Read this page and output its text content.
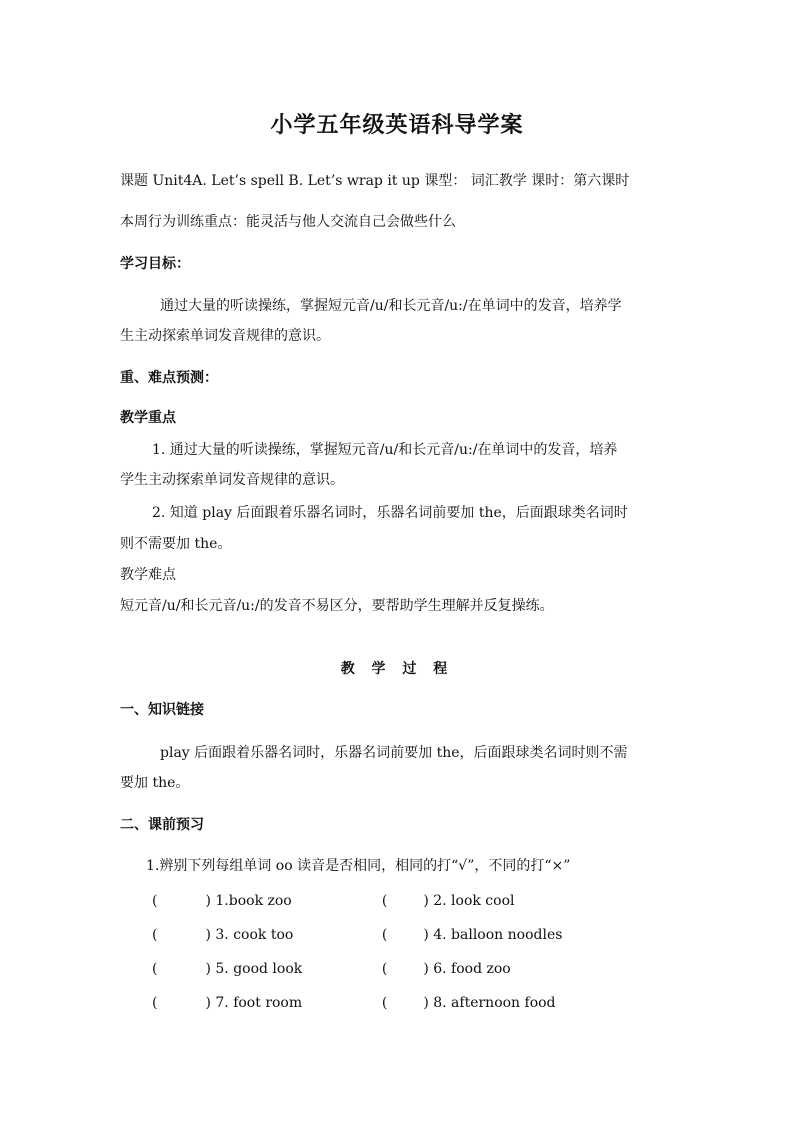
小学五年级英语科导学案
课题 Unit4A. Let’s spell B. Let’s wrap it up 课型： 词汇教学 课时：第六课时
本周行为训练重点：能灵活与他人交流自己会做些什么
学习目标：
通过大量的听读操练，掌握短元音/u/和长元音/u:/在单词中的发音，培养学
生主动探索单词发音规律的意识。
重、难点预测：
教学重点
1. 通过大量的听读操练，掌握短元音/u/和长元音/u:/在单词中的发音，培养
学生主动探索单词发音规律的意识。
2. 知道 play 后面跟着乐器名词时，乐器名词前要加 the，后面跟球类名词时
则不需要加 the。
教学难点
短元音/u/和长元音/u:/的发音不易区分，要帮助学生理解并反复操练。
教 学 过 程
一、知识链接
play 后面跟着乐器名词时，乐器名词前要加 the，后面跟球类名词时则不需
要加 the。
二、课前预习
1.辨别下列每组单词 oo 读音是否相同，相同的打“√”，不同的打“×”
(	) 1.book zoo	(	) 2. look cool
(	) 3. cook too	(	) 4. balloon noodles
(	) 5. good look	(	) 6. food zoo
(	) 7. foot room	(	) 8. afternoon food
